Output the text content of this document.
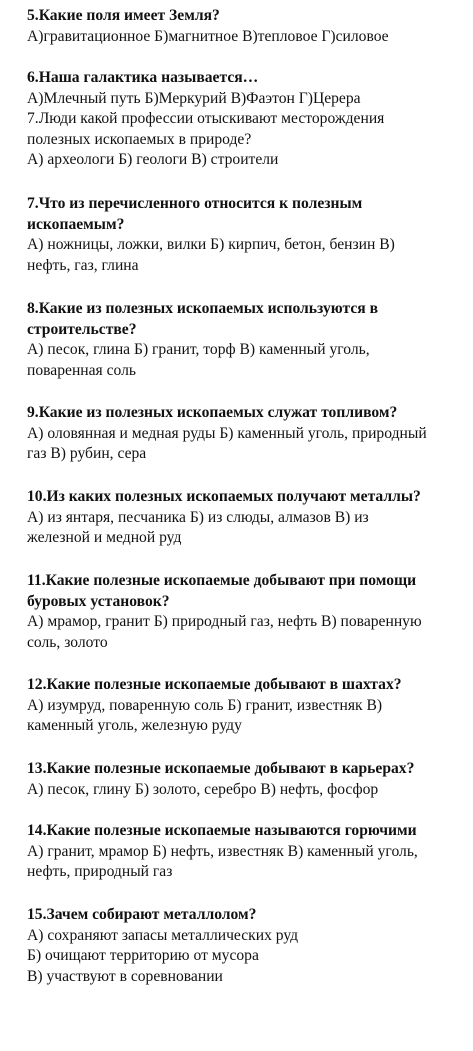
5.Какие поля имеет Земля?
А)гравитационное Б)магнитное В)тепловое Г)силовое
6.Наша галактика называется…
А)Млечный путь Б)Меркурий В)Фаэтон Г)Церера
7.Люди какой профессии отыскивают месторождения
полезных ископаемых в природе?
А) археологи Б) геологи В) строители
7.Что из перечисленного относится к полезным
ископаемым?
А) ножницы, ложки, вилки Б) кирпич, бетон, бензин В)
нефть, газ, глина
8.Какие из полезных ископаемых используются в
строительстве?
А) песок, глина Б) гранит, торф В) каменный уголь,
поваренная соль
9.Какие из полезных ископаемых служат топливом?
А) оловянная и медная руды Б) каменный уголь, природный
газ В) рубин, сера
10.Из каких полезных ископаемых получают металлы?
А) из янтаря, песчаника Б) из слюды, алмазов В) из
железной и медной руд
11.Какие полезные ископаемые добывают при помощи
буровых установок?
А) мрамор, гранит Б) природный газ, нефть В) поваренную
соль, золото
12.Какие полезные ископаемые добывают в шахтах?
А) изумруд, поваренную соль Б) гранит, известняк В)
каменный уголь, железную руду
13.Какие полезные ископаемые добывают в карьерах?
А) песок, глину Б) золото, серебро В) нефть, фосфор
14.Какие полезные ископаемые называются горючими
А) гранит, мрамор Б) нефть, известняк В) каменный уголь,
нефть, природный газ
15.Зачем собирают металлолом?
А) сохраняют запасы металлических руд
Б) очищают территорию от мусора
В) участвуют в соревновании
